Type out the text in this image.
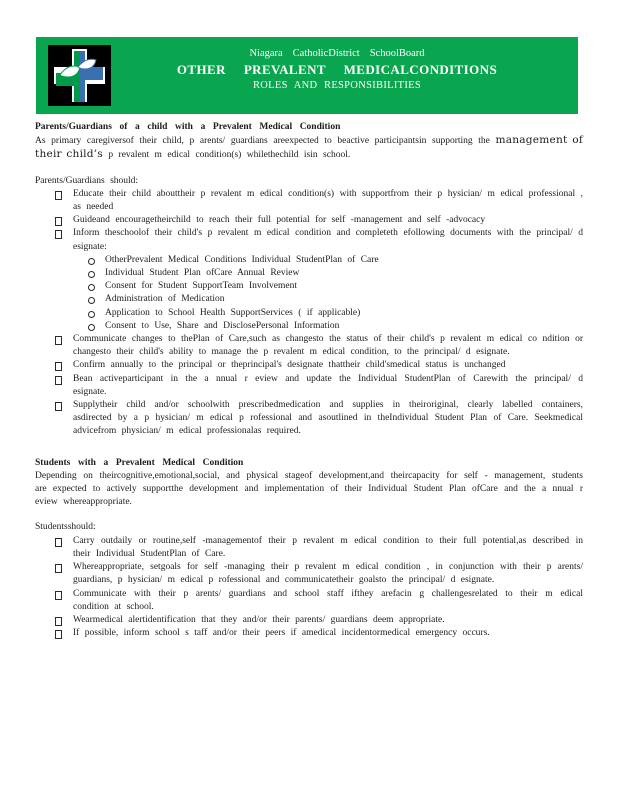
Niagara CatholicDistrict SchoolBoard
OTHER PREVALENT MEDICALCONDITIONS
ROLES AND RESPONSIBILITIES
Parents/Guardians of a child with a Prevalent Medical Condition

As primary caregiversof their child, p arents/ guardians areexpected to beactive participantsin supporting the management of their child’s p revalent m edical condition(s) whilethechild isin school.

Parents/Guardians should:

Educate their child abouttheir p revalent m edical condition(s) with supportfrom their p hysician/ m edical professional , as needed
Guideand encouragetheirchild to reach their full potential for self -management and self -advocacy
Inform theschoolof their child's p revalent m edical condition and completeth efollowing documents with the principal/ d esignate:
OtherPrevalent Medical Conditions Individual StudentPlan of Care
Individual Student Plan ofCare Annual Review
Consent for Student SupportTeam Involvement
Administration of Medication
Application to School Health SupportServices ( if applicable)
Consent to Use, Share and DisclosePersonal Information
Communicate changes to thePlan of Care,such as changesto the status of their child's p revalent m edical co ndition or changesto their child's ability to manage the p revalent m edical condition, to the principal/ d esignate.
Confirm annually to the principal or theprincipal's designate thattheir child'smedical status is unchanged
Bean activeparticipant in the a nnual r eview and update the Individual StudentPlan of Carewith the principal/ d esignate.
Supplytheir child and/or schoolwith prescribedmedication and supplies in theiroriginal, clearly labelled containers, asdirected by a p hysician/ m edical p rofessional and asoutlined in theIndividual Student Plan of Care. Seekmedical advicefrom physician/ m edical professionalas required.
Students with a Prevalent Medical Condition

Depending on theircognitive,emotional,social, and physical stageof development,and theircapacity for self - management, students are expected to actively supportthe development and implementation of their Individual Student Plan ofCare and the a nnual r eview whereappropriate.

Studentsshould:

Carry outdaily or routine,self -managementof their p revalent m edical condition to their full potential,as described in their Individual StudentPlan of Care.
Whereappropriate, setgoals for self -managing their p revalent m edical condition , in conjunction with their p arents/ guardians, p hysician/ m edical p rofessional and communicatetheir goalsto the principal/ d esignate.
Communicate with their p arents/ guardians and school staff ifthey arefacin g challengesrelated to their m edical condition at school.
Wearmedical alertidentification that they and/or their parents/ guardians deem appropriate.
If possible, inform school s taff and/or their peers if amedical incidentormedical emergency occurs.
